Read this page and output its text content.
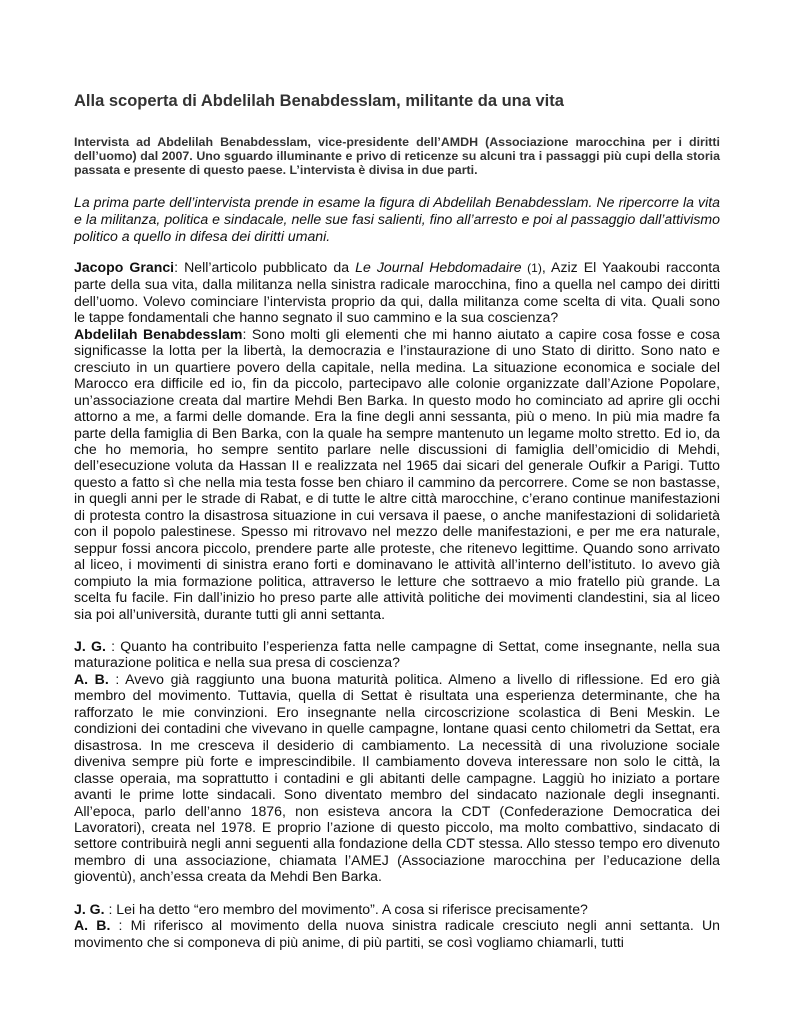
Alla scoperta di Abdelilah Benabdesslam, militante da una vita
Intervista ad Abdelilah Benabdesslam, vice-presidente dell’AMDH (Associazione marocchina per i diritti dell’uomo) dal 2007. Uno sguardo illuminante e privo di reticenze su alcuni tra i passaggi più cupi della storia passata e presente di questo paese. L’intervista è divisa in due parti.
La prima parte dell’intervista prende in esame la figura di Abdelilah Benabdesslam. Ne ripercorre la vita e la militanza, politica e sindacale, nelle sue fasi salienti, fino all’arresto e poi al passaggio dall’attivismo politico a quello in difesa dei diritti umani.

Jacopo Granci: Nell’articolo pubblicato da Le Journal Hebdomadaire (1), Aziz El Yaakoubi racconta parte della sua vita, dalla militanza nella sinistra radicale marocchina, fino a quella nel campo dei diritti dell’uomo. Volevo cominciare l’intervista proprio da qui, dalla militanza come scelta di vita. Quali sono le tappe fondamentali che hanno segnato il suo cammino e la sua coscienza?
Abdelilah Benabdesslam: Sono molti gli elementi che mi hanno aiutato a capire cosa fosse e cosa significasse la lotta per la libertà, la democrazia e l’instaurazione di uno Stato di diritto. Sono nato e cresciuto in un quartiere povero della capitale, nella medina. La situazione economica e sociale del Marocco era difficile ed io, fin da piccolo, partecipavo alle colonie organizzate dall’Azione Popolare, un’associazione creata dal martire Mehdi Ben Barka. In questo modo ho cominciato ad aprire gli occhi attorno a me, a farmi delle domande. Era la fine degli anni sessanta, più o meno. In più mia madre fa parte della famiglia di Ben Barka, con la quale ha sempre mantenuto un legame molto stretto. Ed io, da che ho memoria, ho sempre sentito parlare nelle discussioni di famiglia dell’omicidio di Mehdi, dell’esecuzione voluta da Hassan II e realizzata nel 1965 dai sicari del generale Oufkir a Parigi. Tutto questo a fatto sì che nella mia testa fosse ben chiaro il cammino da percorrere. Come se non bastasse, in quegli anni per le strade di Rabat, e di tutte le altre città marocchine, c’erano continue manifestazioni di protesta contro la disastrosa situazione in cui versava il paese, o anche manifestazioni di solidarietà con il popolo palestinese. Spesso mi ritrovavo nel mezzo delle manifestazioni, e per me era naturale, seppur fossi ancora piccolo, prendere parte alle proteste, che ritenevo legittime. Quando sono arrivato al liceo, i movimenti di sinistra erano forti e dominavano le attività all’interno dell’istituto. Io avevo già compiuto la mia formazione politica, attraverso le letture che sottraevo a mio fratello più grande. La scelta fu facile. Fin dall’inizio ho preso parte alle attività politiche dei movimenti clandestini, sia al liceo sia poi all’università, durante tutti gli anni settanta.

J. G. : Quanto ha contribuito l’esperienza fatta nelle campagne di Settat, come insegnante, nella sua maturazione politica e nella sua presa di coscienza?
A. B. : Avevo già raggiunto una buona maturità politica. Almeno a livello di riflessione. Ed ero già membro del movimento. Tuttavia, quella di Settat è risultata una esperienza determinante, che ha rafforzato le mie convinzioni. Ero insegnante nella circoscrizione scolastica di Beni Meskin. Le condizioni dei contadini che vivevano in quelle campagne, lontane quasi cento chilometri da Settat, era disastrosa. In me cresceva il desiderio di cambiamento. La necessità di una rivoluzione sociale diveniva sempre più forte e imprescindibile. Il cambiamento doveva interessare non solo le città, la classe operaia, ma soprattutto i contadini e gli abitanti delle campagne. Laggiù ho iniziato a portare avanti le prime lotte sindacali. Sono diventato membro del sindacato nazionale degli insegnanti. All’epoca, parlo dell’anno 1876, non esisteva ancora la CDT (Confederazione Democratica dei Lavoratori), creata nel 1978. E proprio l’azione di questo piccolo, ma molto combattivo, sindacato di settore contribuirà negli anni seguenti alla fondazione della CDT stessa. Allo stesso tempo ero divenuto membro di una associazione, chiamata l’AMEJ (Associazione marocchina per l’educazione della gioventù), anch’essa creata da Mehdi Ben Barka.

J. G. : Lei ha detto “ero membro del movimento”. A cosa si riferisce precisamente?
A. B. : Mi riferisco al movimento della nuova sinistra radicale cresciuto negli anni settanta. Un movimento che si componeva di più anime, di più partiti, se così vogliamo chiamarli, tutti
